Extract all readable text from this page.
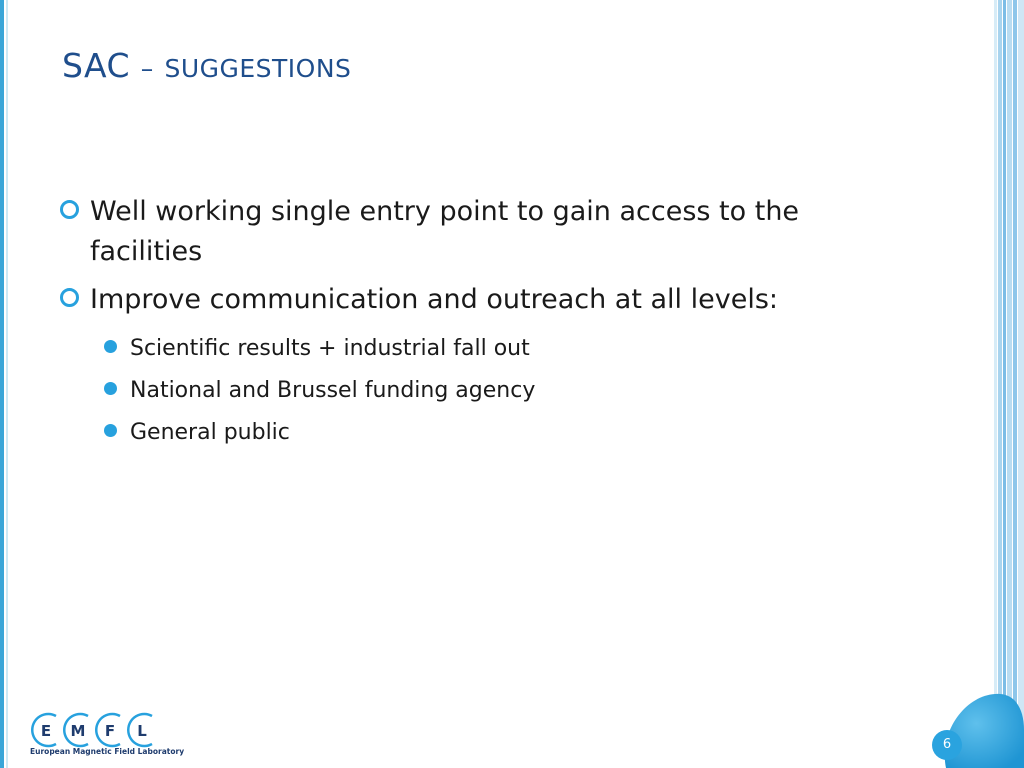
SAC – SUGGESTIONS
Well working single entry point to gain access to the
facilities
Improve communication and outreach at all levels:
Scientific results + industrial fall out
National and Brussel funding agency
General public
E M F L
European Magnetic Field Laboratory	6
